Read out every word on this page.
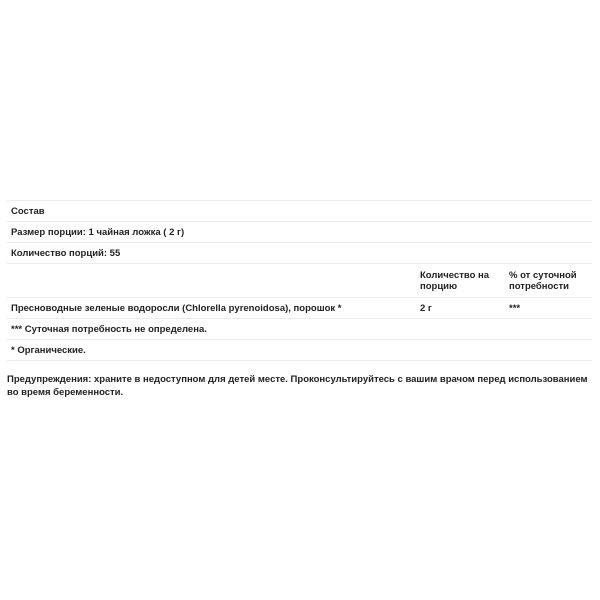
Состав
Размер порции: 1 чайная ложка ( 2 г)
Количество порций: 55
Количество на порцию
% от суточной потребности
Пресноводные зеленые водоросли (Chlorella pyrenoidosa), порошок *	2 г	***
*** Суточная потребность не определена.
* Органические.
Предупреждения: храните в недоступном для детей месте. Проконсультируйтесь с вашим врачом перед использованием во время беременности.
